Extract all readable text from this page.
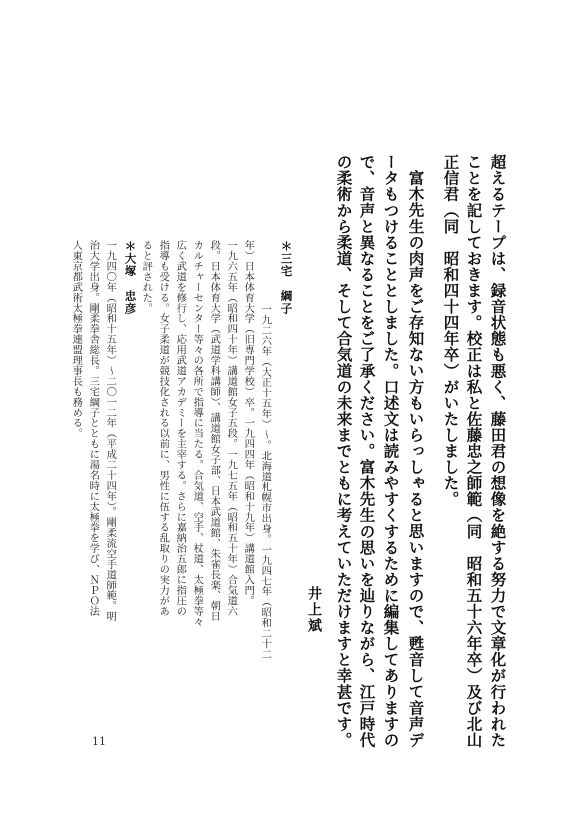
超えるテープは、録音状態も悪く、藤田君の想像を絶する努力で文章化が行われた
ことを記しておきます。校正は私と佐藤忠之師範（同　昭和五十六年卒）及び北山
正信君（同　昭和四十四年卒）がいたしました。
富木先生の肉声をご存知ない方もいらっしゃると思いますので、甦音して音声デ
ータもつけることとしました。口述文は読みやすくするために編集してありますの
で、音声と異なることをご了承ください。富木先生の思いを辿りながら、江戸時代
の柔術から柔道、そして合気道の未来までともに考えていただけますと幸甚です。
井上斌
＊三宅　綱子
一九二六年（大正十五年）～。北海道札幌市出身。一九四七年（昭和二十二
年）日本体育大学（旧専門学校）卒。一九四四年（昭和十九年）講道館入門。
一九六五年（昭和四十年）講道館女子五段。一九七五年（昭和五十年）合気道六
段。日本体育大学（武道学科講師）、講道館女子部、日本武道館、朱雀長楽、朝日
カルチャーセンター等々の各所で指導に当たる。合気道、空手、杖道、太極拳等々
広く武道を修行し、応用武道アカデミーを主宰する。さらに嘉納治五郎に指圧の
指導も受ける。女子柔道が競技化される以前に、男性に伍する乱取りの実力があ
ると評された。
＊大塚　忠彦
一九四〇年（昭和十五年）～二〇一二年（平成二十四年）。剛柔流空手道師範。明
治大学出身。剛柔拳舎総長。三宅綱子とともに湯名時に太極拳を学び、ＮＰＯ法
人東京都武術太極拳連盟理事長も務める。
11
